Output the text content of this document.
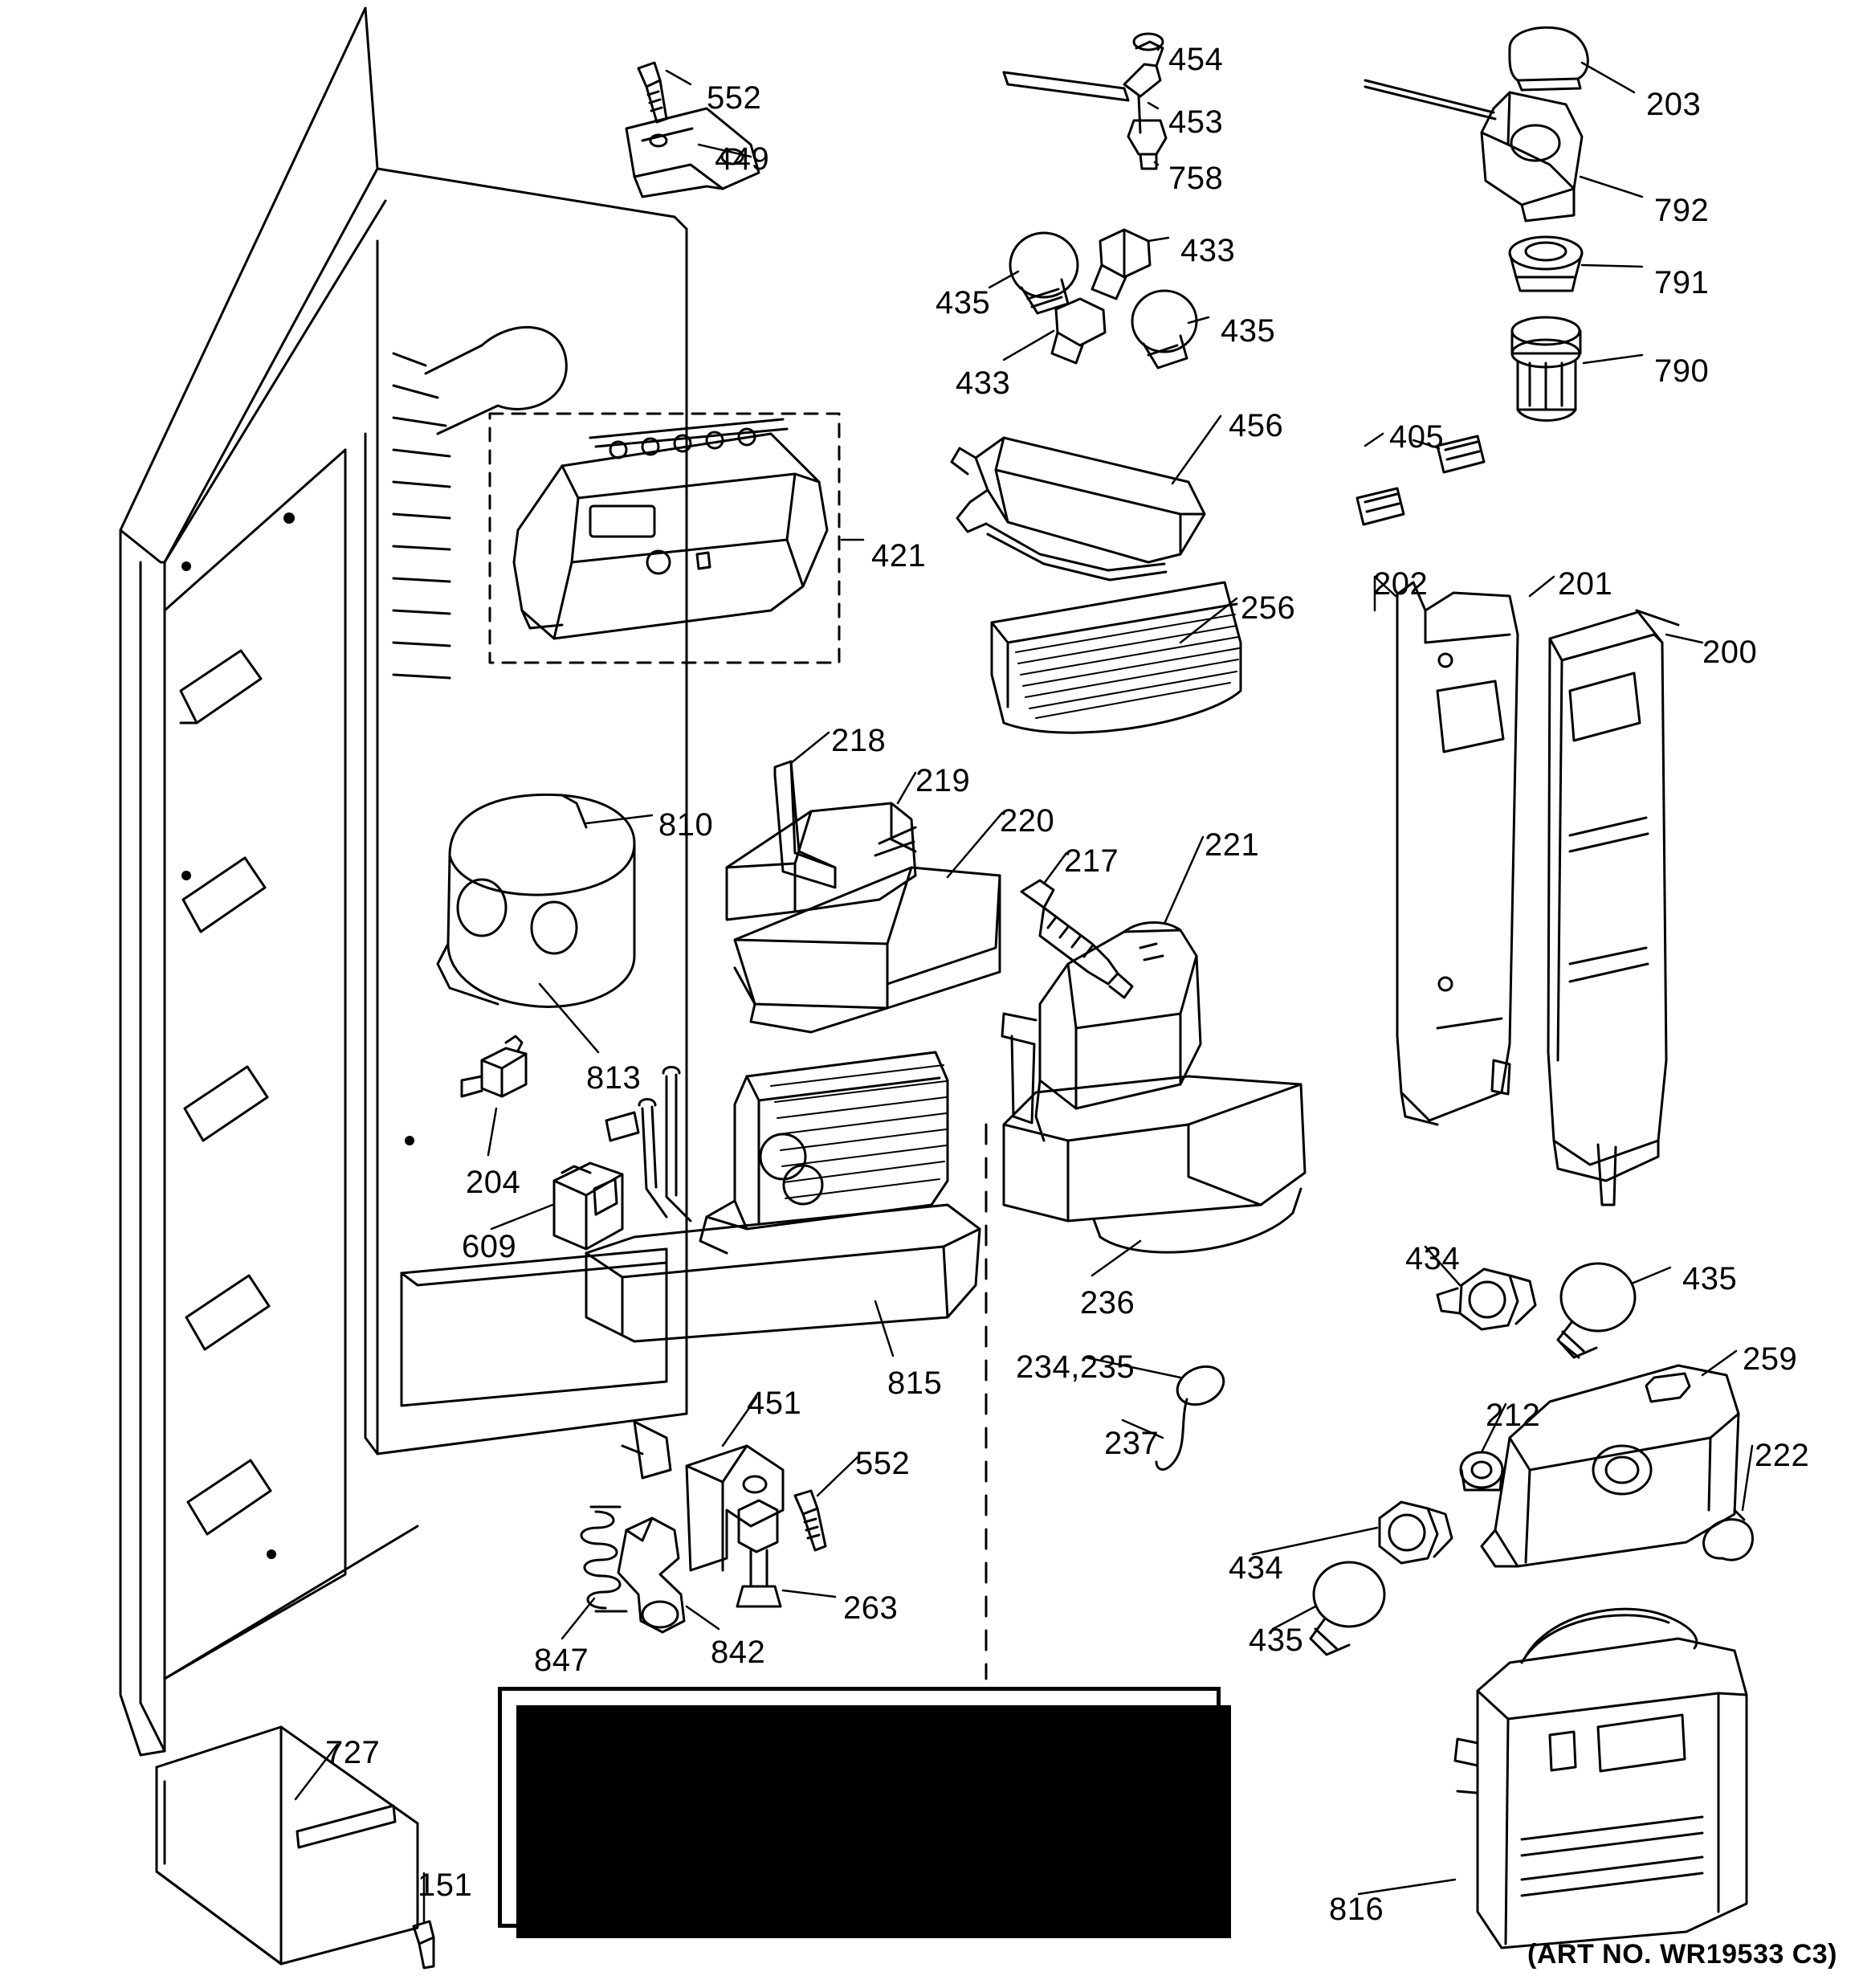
552
449
454
453
758
203
792
791
790
433
435
435
433
456	405
421
256
202	201
200
218
219
220
217	221
810
813
204
609
236
815 234,235
237
434
435
259
212
222
434
435
451
552
263
842
847
727
151
816
IMPORTANT NOTE:
Additional parts are required to install evap-
orator. See EVAPORATOR INSTRUCTIONS
page of this model for additional part numbers
and replacement options
(ART NO. WR19533 C3)
